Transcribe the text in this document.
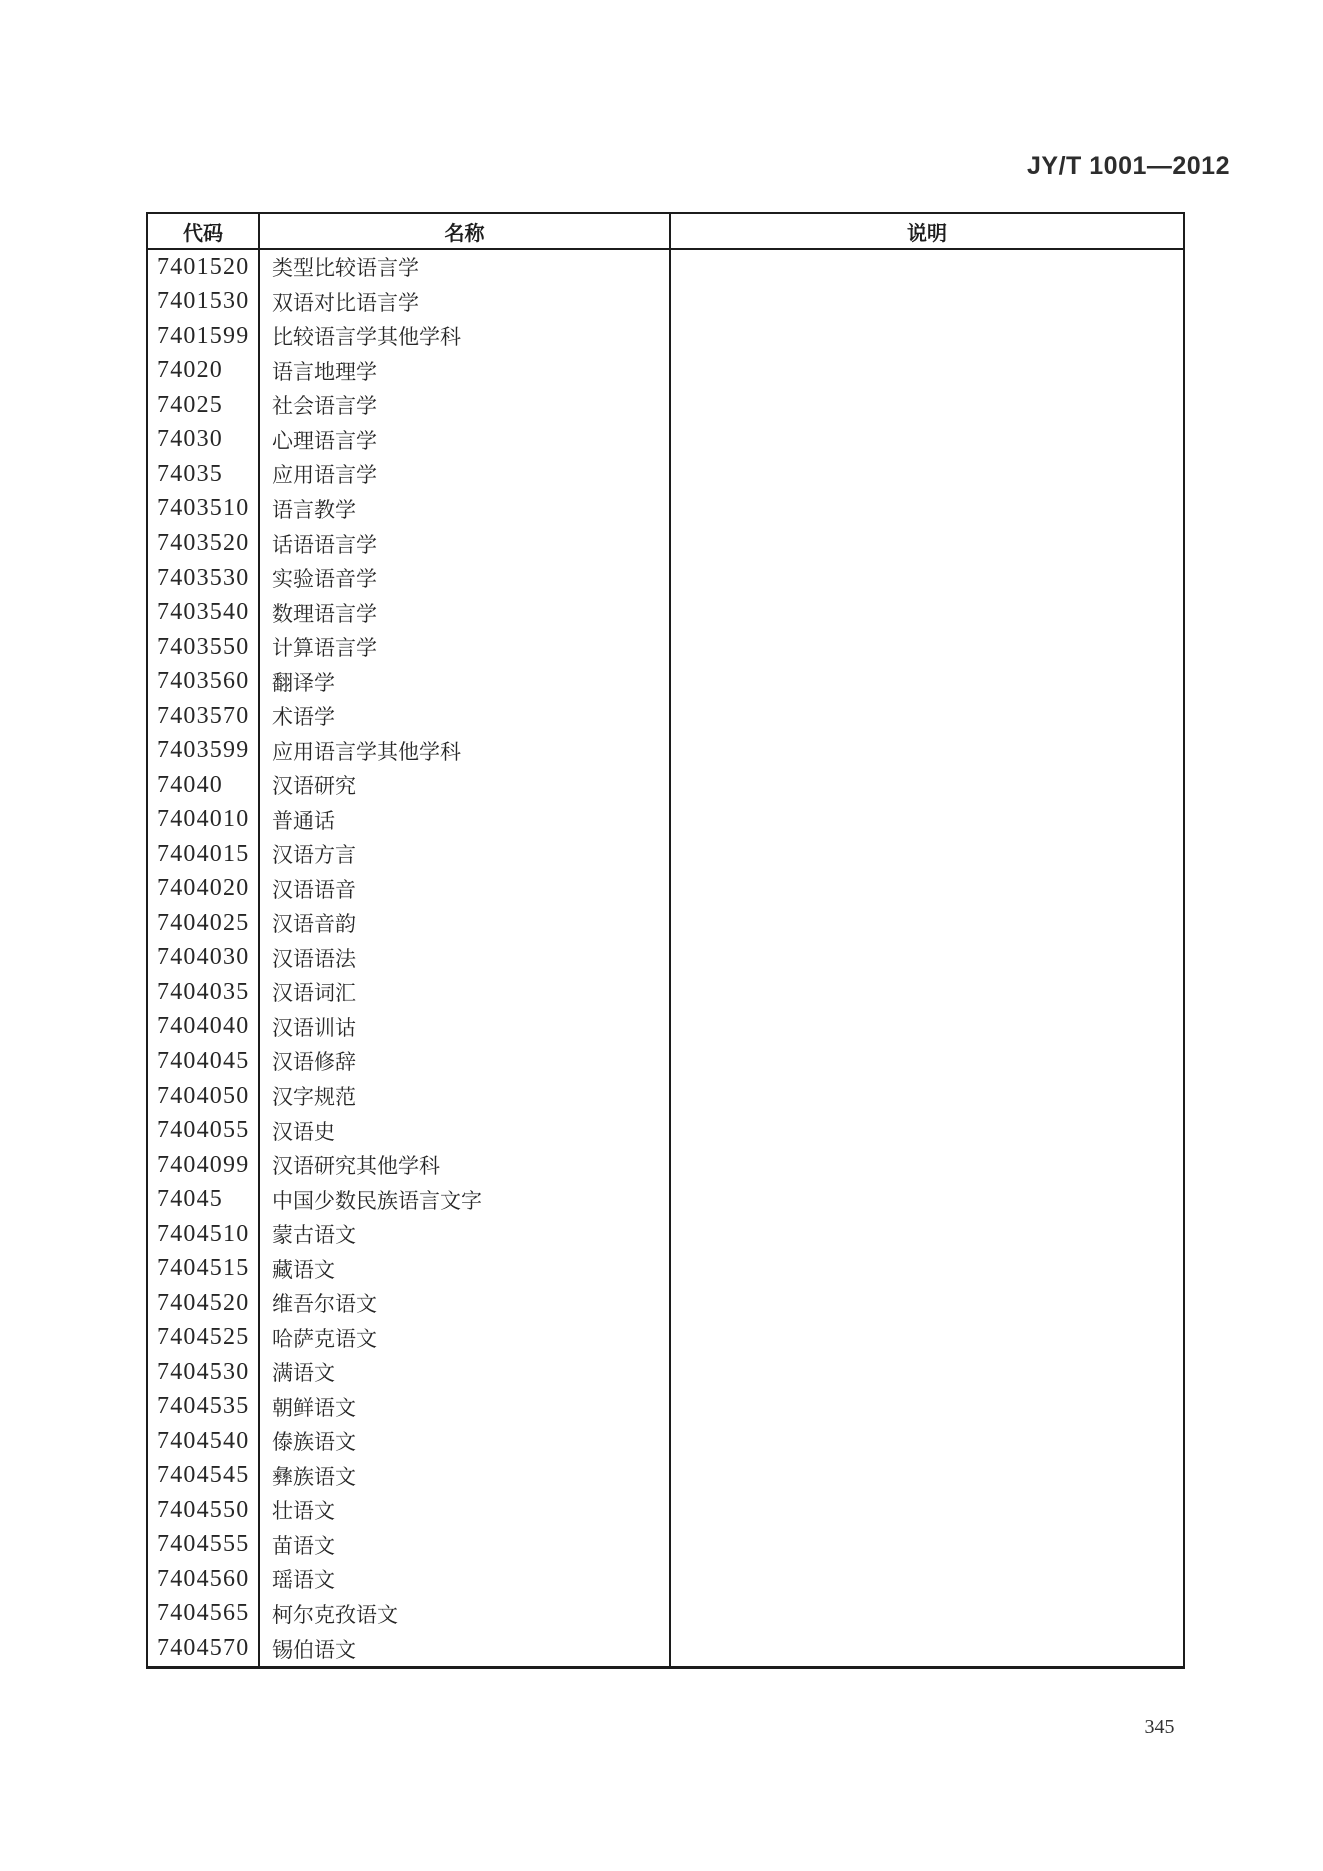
JY/T 1001—2012
代码	名称	说明
7401520	类型比较语言学
7401530	双语对比语言学
7401599	比较语言学其他学科
74020	语言地理学
74025	社会语言学
74030	心理语言学
74035	应用语言学
7403510	语言教学
7403520	话语语言学
7403530	实验语音学
7403540	数理语言学
7403550	计算语言学
7403560	翻译学
7403570	术语学
7403599	应用语言学其他学科
74040	汉语研究
7404010	普通话
7404015	汉语方言
7404020	汉语语音
7404025	汉语音韵
7404030	汉语语法
7404035	汉语词汇
7404040	汉语训诂
7404045	汉语修辞
7404050	汉字规范
7404055	汉语史
7404099	汉语研究其他学科
74045	中国少数民族语言文字
7404510	蒙古语文
7404515	藏语文
7404520	维吾尔语文
7404525	哈萨克语文
7404530	满语文
7404535	朝鲜语文
7404540	傣族语文
7404545	彝族语文
7404550	壮语文
7404555	苗语文
7404560	瑶语文
7404565	柯尔克孜语文
7404570	锡伯语文
345
